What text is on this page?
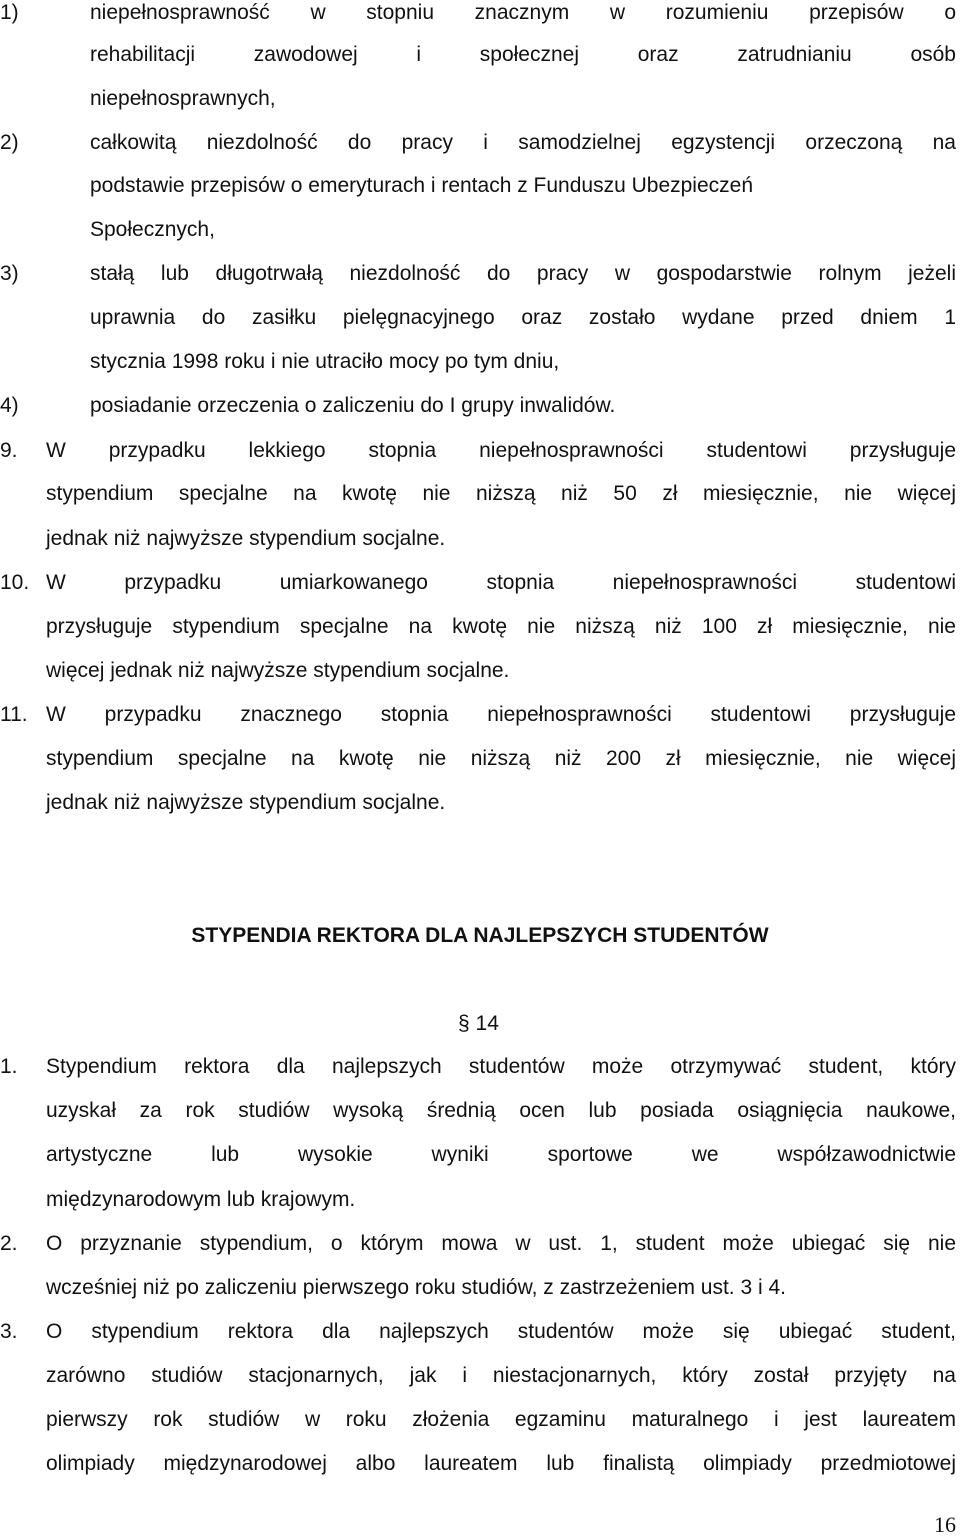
1)	niepełnosprawność w stopniu znacznym w rozumieniu przepisów o
rehabilitacji zawodowej i społecznej oraz zatrudnianiu osób
niepełnosprawnych,
2)	całkowitą niezdolność do pracy i samodzielnej egzystencji orzeczoną na
podstawie przepisów o emeryturach i rentach z Funduszu Ubezpieczeń
Społecznych,
3)	stałą lub długotrwałą niezdolność do pracy w gospodarstwie rolnym jeżeli
uprawnia do zasiłku pielęgnacyjnego oraz zostało wydane przed dniem 1
stycznia 1998 roku i nie utraciło mocy po tym dniu,
4)	posiadanie orzeczenia o zaliczeniu do I grupy inwalidów.
9. W przypadku lekkiego stopnia niepełnosprawności studentowi przysługuje
stypendium specjalne na kwotę nie niższą niż 50 zł miesięcznie, nie więcej
jednak niż najwyższe stypendium socjalne.
10. W przypadku umiarkowanego stopnia niepełnosprawności studentowi
przysługuje stypendium specjalne na kwotę nie niższą niż 100 zł miesięcznie, nie
więcej jednak niż najwyższe stypendium socjalne.
11. W przypadku znacznego stopnia niepełnosprawności studentowi przysługuje
stypendium specjalne na kwotę nie niższą niż 200 zł miesięcznie, nie więcej
jednak niż najwyższe stypendium socjalne.
STYPENDIA REKTORA DLA NAJLEPSZYCH STUDENTÓW
§ 14
1. Stypendium rektora dla najlepszych studentów może otrzymywać student, który
uzyskał za rok studiów wysoką średnią ocen lub posiada osiągnięcia naukowe,
artystyczne lub wysokie wyniki sportowe we współzawodnictwie
międzynarodowym lub krajowym.
2. O przyznanie stypendium, o którym mowa w ust. 1, student może ubiegać się nie
wcześniej niż po zaliczeniu pierwszego roku studiów, z zastrzeżeniem ust. 3 i 4.
3. O stypendium rektora dla najlepszych studentów może się ubiegać student,
zarówno studiów stacjonarnych, jak i niestacjonarnych, który został przyjęty na
pierwszy rok studiów w roku złożenia egzaminu maturalnego i jest laureatem
olimpiady międzynarodowej albo laureatem lub finalistą olimpiady przedmiotowej
16
